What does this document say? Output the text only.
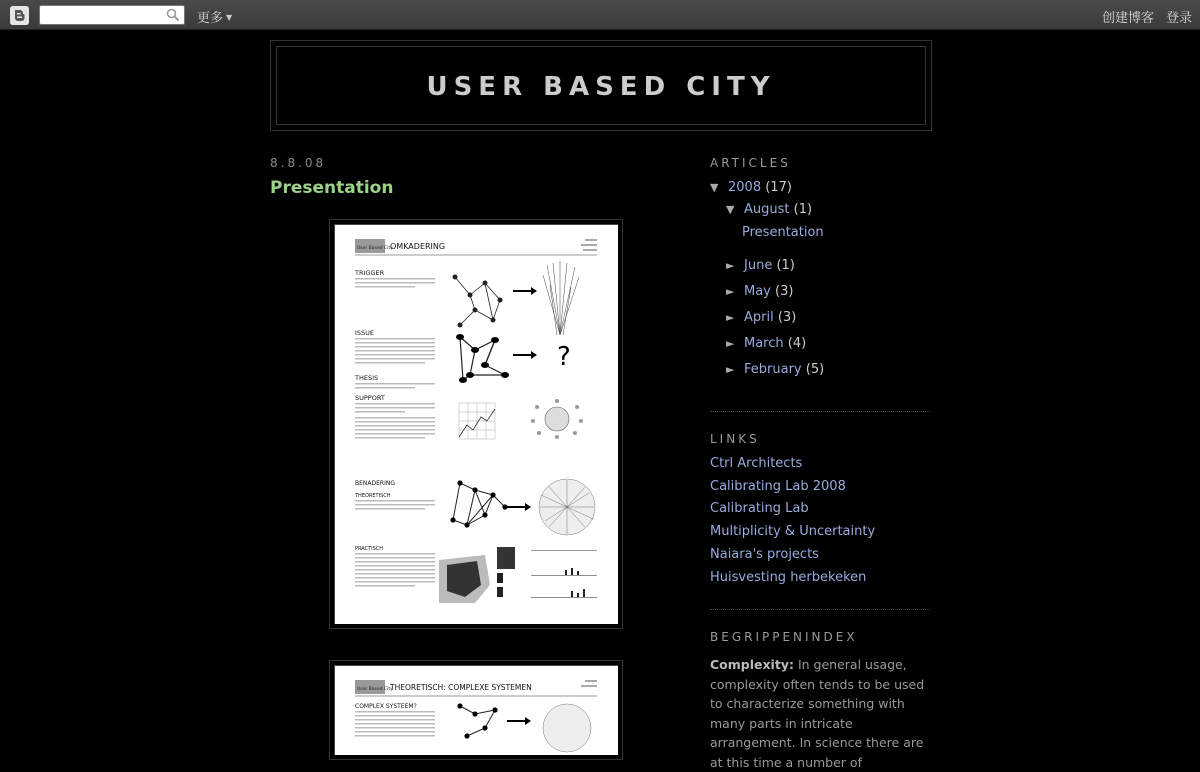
更多 ▼	创建博客 登录
USER BASED CITY
8.8.08
Presentation
User Based City
OMKADERING
TRIGGER
ISSUE
?
THESIS
SUPPORT
BENADERING
THEORETISCH
PRACTISCH
User Based City
THEORETISCH: COMPLEXE SYSTEMEN
COMPLEX SYSTEEM?
ARTICLES
▼ 2008 (17)
▼ August (1)
Presentation
► June (1)
► May (3)
► April (3)
► March (4)
► February (5)
LINKS
Ctrl Architects
Calibrating Lab 2008
Calibrating Lab
Multiplicity & Uncertainty
Naiara's projects
Huisvesting herbekeken
BEGRIPPENINDEX
Complexity: In general usage, complexity often tends to be used to characterize something with many parts in intricate arrangement. In science there are at this time a number of
